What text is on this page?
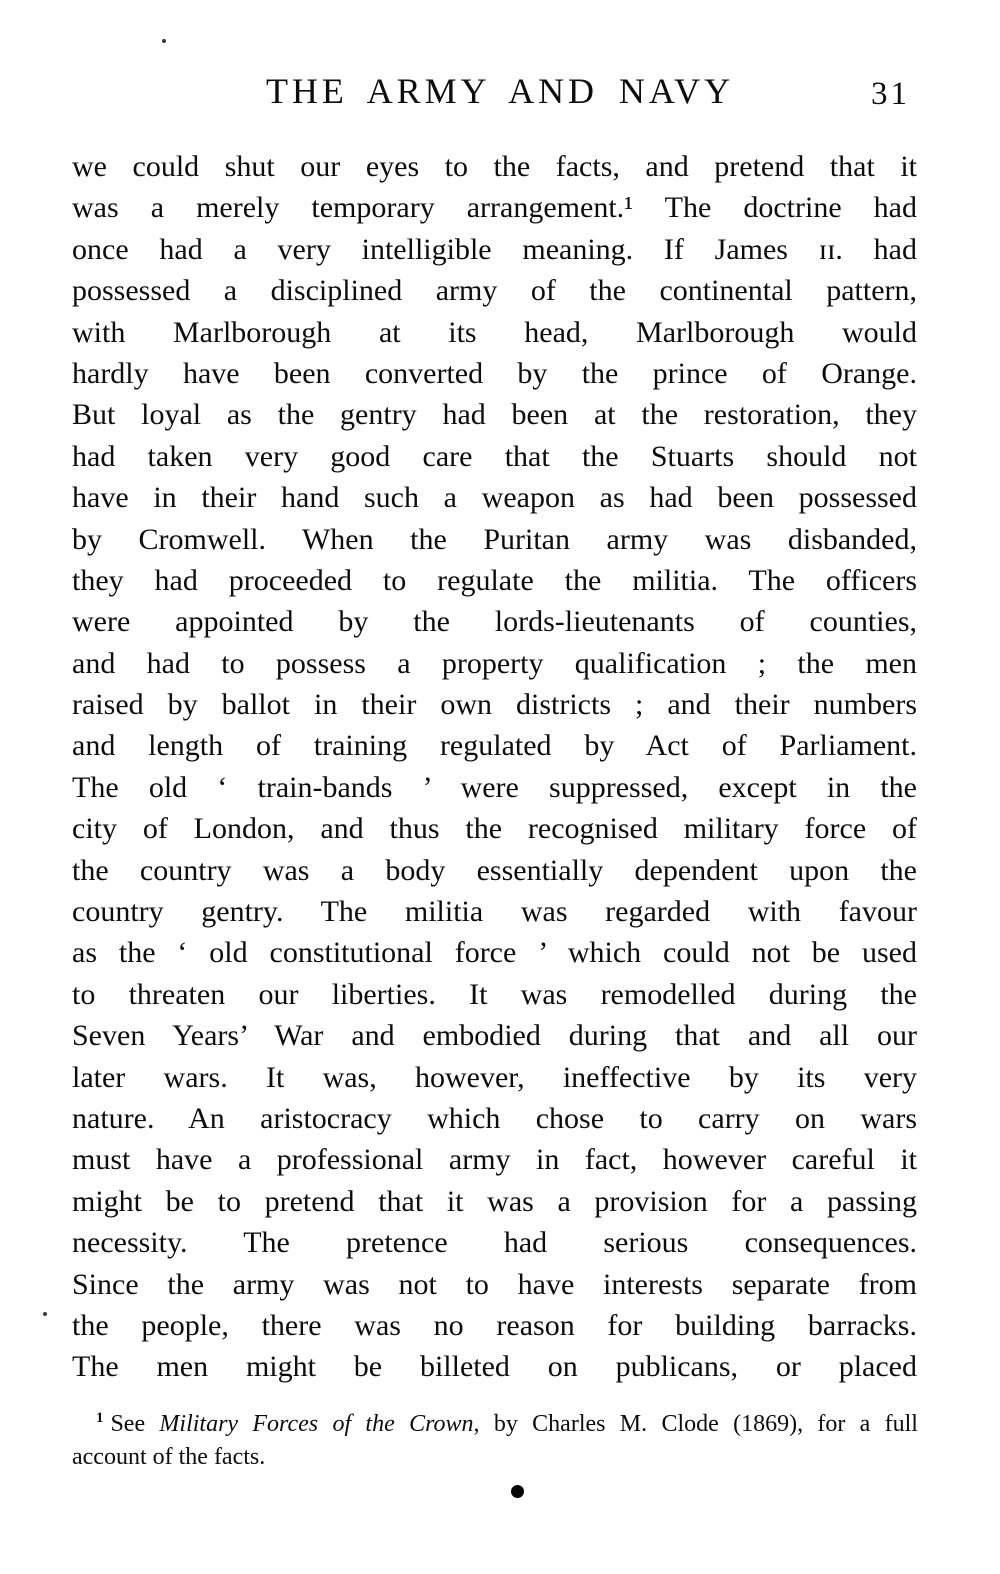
THE ARMY AND NAVY	31
we could shut our eyes to the facts, and pretend that it
was a merely temporary arrangement.¹ The doctrine had
once had a very intelligible meaning. If James ɪɪ. had
possessed a disciplined army of the continental pattern,
with Marlborough at its head, Marlborough would
hardly have been converted by the prince of Orange.
But loyal as the gentry had been at the restoration, they
had taken very good care that the Stuarts should not
have in their hand such a weapon as had been possessed
by Cromwell. When the Puritan army was disbanded,
they had proceeded to regulate the militia. The officers
were appointed by the lords-lieutenants of counties,
and had to possess a property qualification ; the men
raised by ballot in their own districts ; and their numbers
and length of training regulated by Act of Parliament.
The old ‘ train-bands ’ were suppressed, except in the
city of London, and thus the recognised military force of
the country was a body essentially dependent upon the
country gentry. The militia was regarded with favour
as the ‘ old constitutional force ’ which could not be used
to threaten our liberties. It was remodelled during the
Seven Years’ War and embodied during that and all our
later wars. It was, however, ineffective by its very
nature. An aristocracy which chose to carry on wars
must have a professional army in fact, however careful it
might be to pretend that it was a provision for a passing
necessity. The pretence had serious consequences.
Since the army was not to have interests separate from
the people, there was no reason for building barracks.
The men might be billeted on publicans, or placed
$^1$ See Military Forces of the Crown, by Charles M. Clode (1869), for a full
account of the facts.
